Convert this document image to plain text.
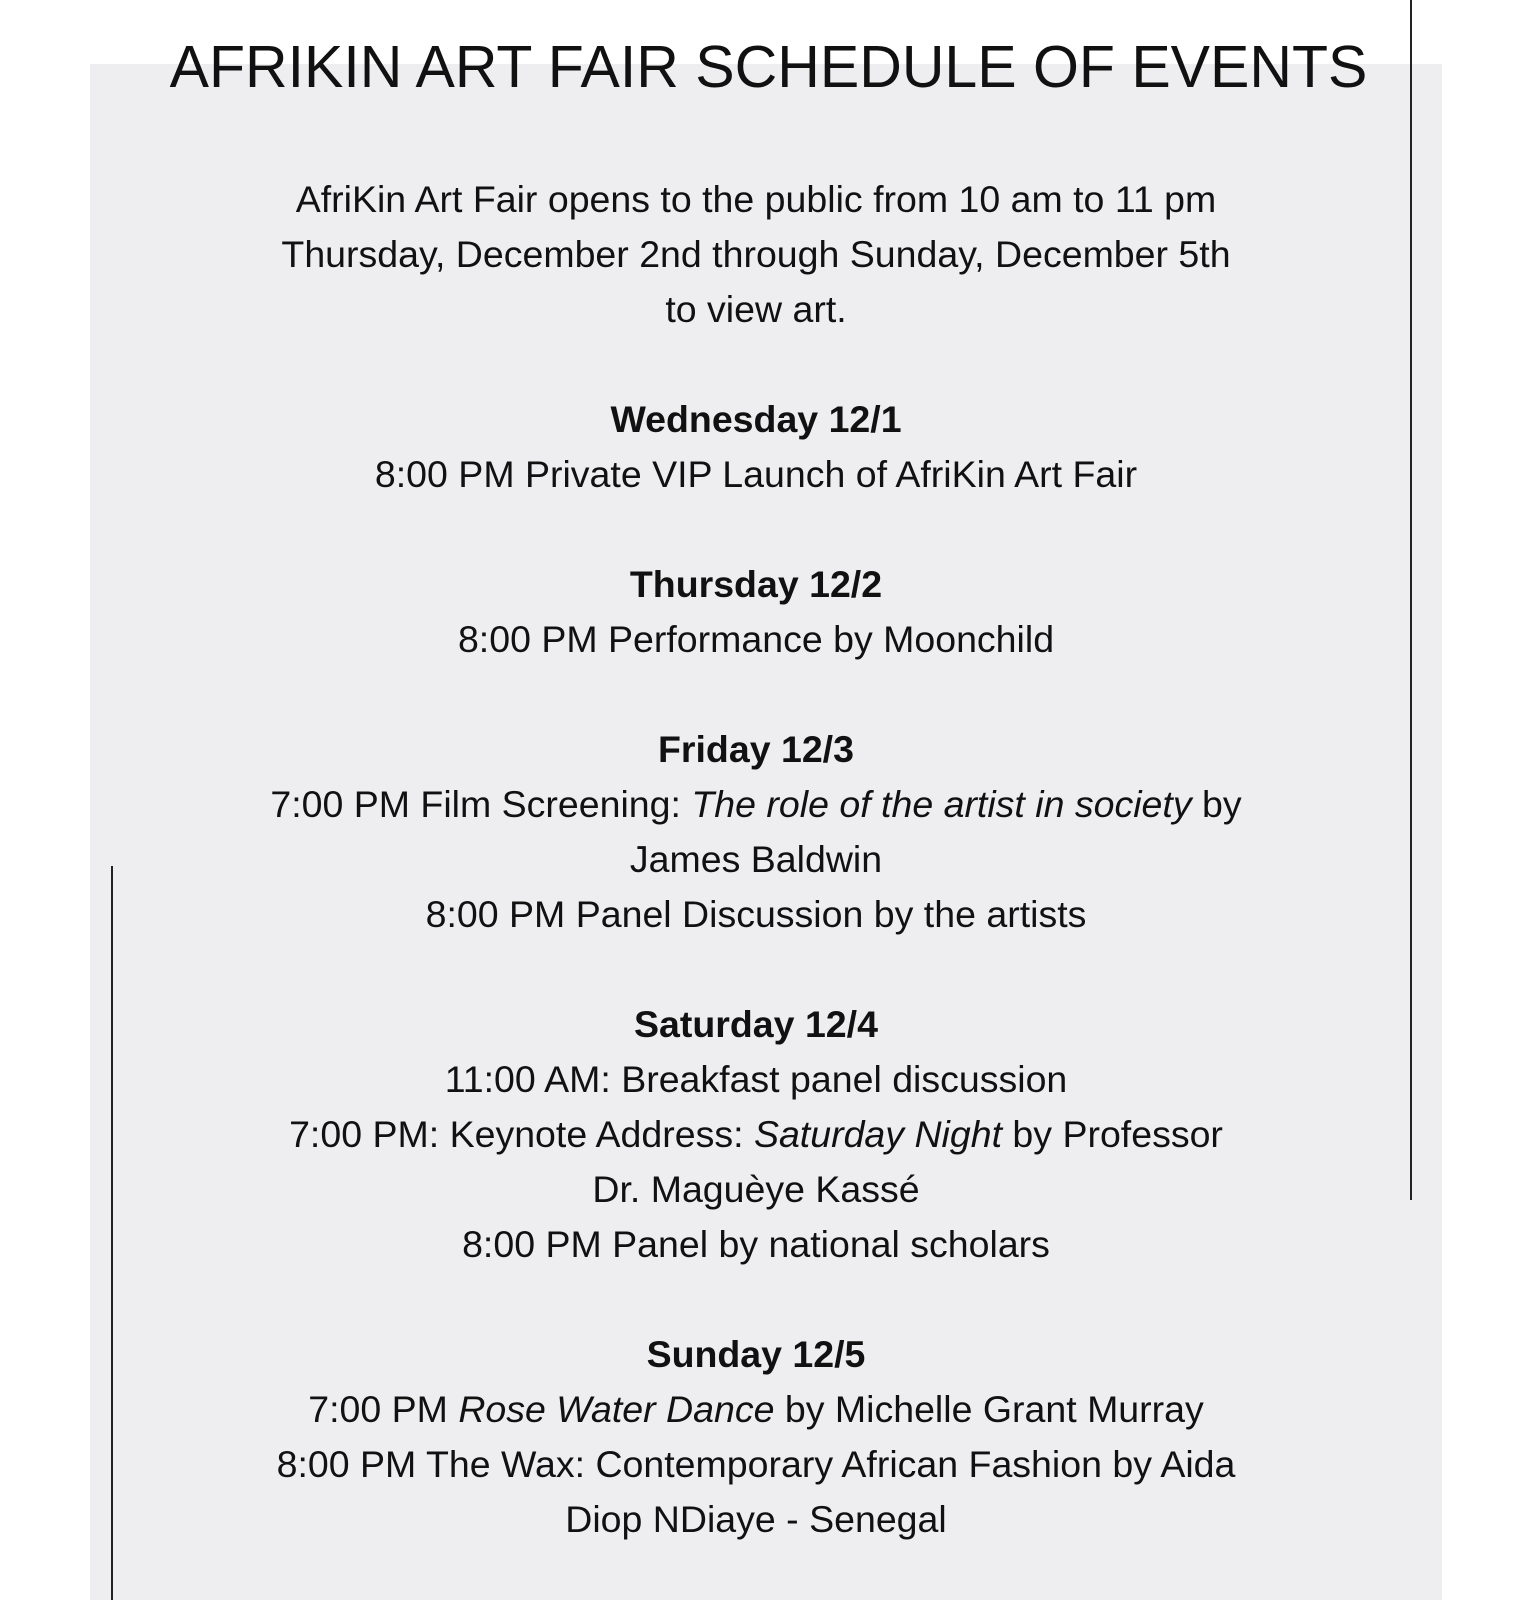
AFRIKIN ART FAIR SCHEDULE OF EVENTS
AfriKin Art Fair opens to the public from 10 am to 11 pm
Thursday, December 2nd through Sunday, December 5th
to view art.
Wednesday 12/1
8:00 PM Private VIP Launch of AfriKin Art Fair
Thursday 12/2
8:00 PM Performance by Moonchild
Friday 12/3
7:00 PM Film Screening: The role of the artist in society by
James Baldwin
8:00 PM Panel Discussion by the artists
Saturday 12/4
11:00 AM: Breakfast panel discussion
7:00 PM: Keynote Address: Saturday Night by Professor
Dr. Maguèye Kassé
8:00 PM Panel by national scholars
Sunday 12/5
7:00 PM Rose Water Dance by Michelle Grant Murray
8:00 PM The Wax: Contemporary African Fashion by Aida
Diop NDiaye - Senegal
